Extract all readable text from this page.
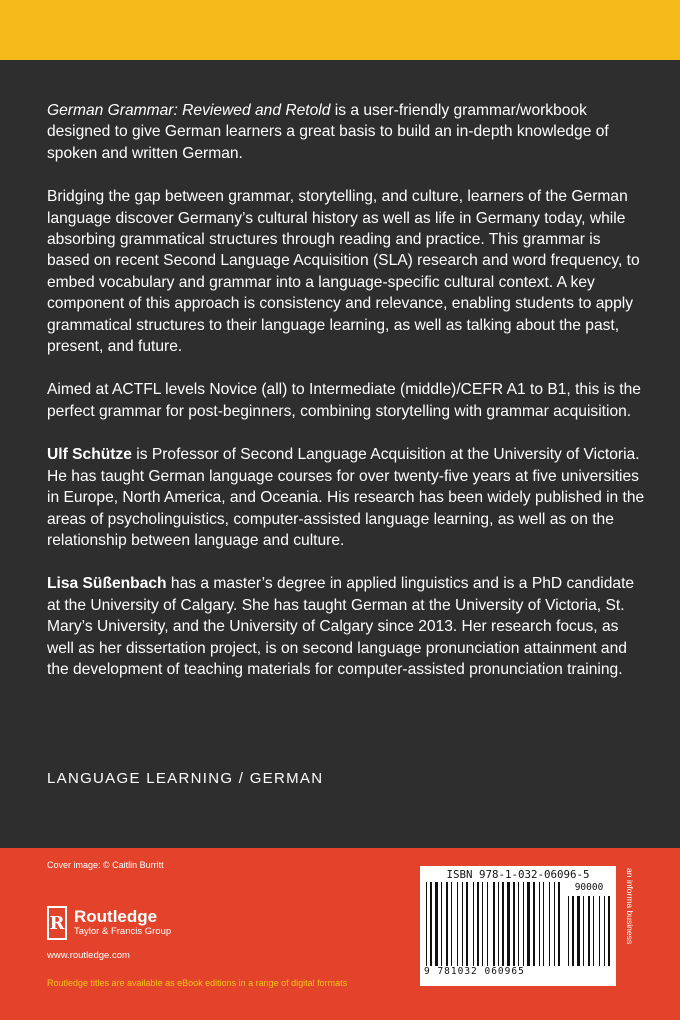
German Grammar: Reviewed and Retold is a user-friendly grammar/workbook designed to give German learners a great basis to build an in-depth knowledge of spoken and written German.

Bridging the gap between grammar, storytelling, and culture, learners of the German language discover Germany’s cultural history as well as life in Germany today, while absorbing grammatical structures through reading and practice. This grammar is based on recent Second Language Acquisition (SLA) research and word frequency, to embed vocabulary and grammar into a language-specific cultural context. A key component of this approach is consistency and relevance, enabling students to apply grammatical structures to their language learning, as well as talking about the past, present, and future.

Aimed at ACTFL levels Novice (all) to Intermediate (middle)/CEFR A1 to B1, this is the perfect grammar for post-beginners, combining storytelling with grammar acquisition.

Ulf Schütze is Professor of Second Language Acquisition at the University of Victoria. He has taught German language courses for over twenty-five years at five universities in Europe, North America, and Oceania. His research has been widely published in the areas of psycholinguistics, computer-assisted language learning, as well as on the relationship between language and culture.

Lisa Süßenbach has a master’s degree in applied linguistics and is a PhD candidate at the University of Calgary. She has taught German at the University of Victoria, St. Mary’s University, and the University of Calgary since 2013. Her research focus, as well as her dissertation project, is on second language pronunciation attainment and the development of teaching materials for computer-assisted pronunciation training.

LANGUAGE LEARNING / GERMAN
Cover image: © Caitlin Burritt
R Routledge
Taylor & Francis Group
www.routledge.com
Routledge titles are available as eBook editions in a range of digital formats
ISBN 978-1-032-06096-5
90000
9 781032 060965
an informa business
